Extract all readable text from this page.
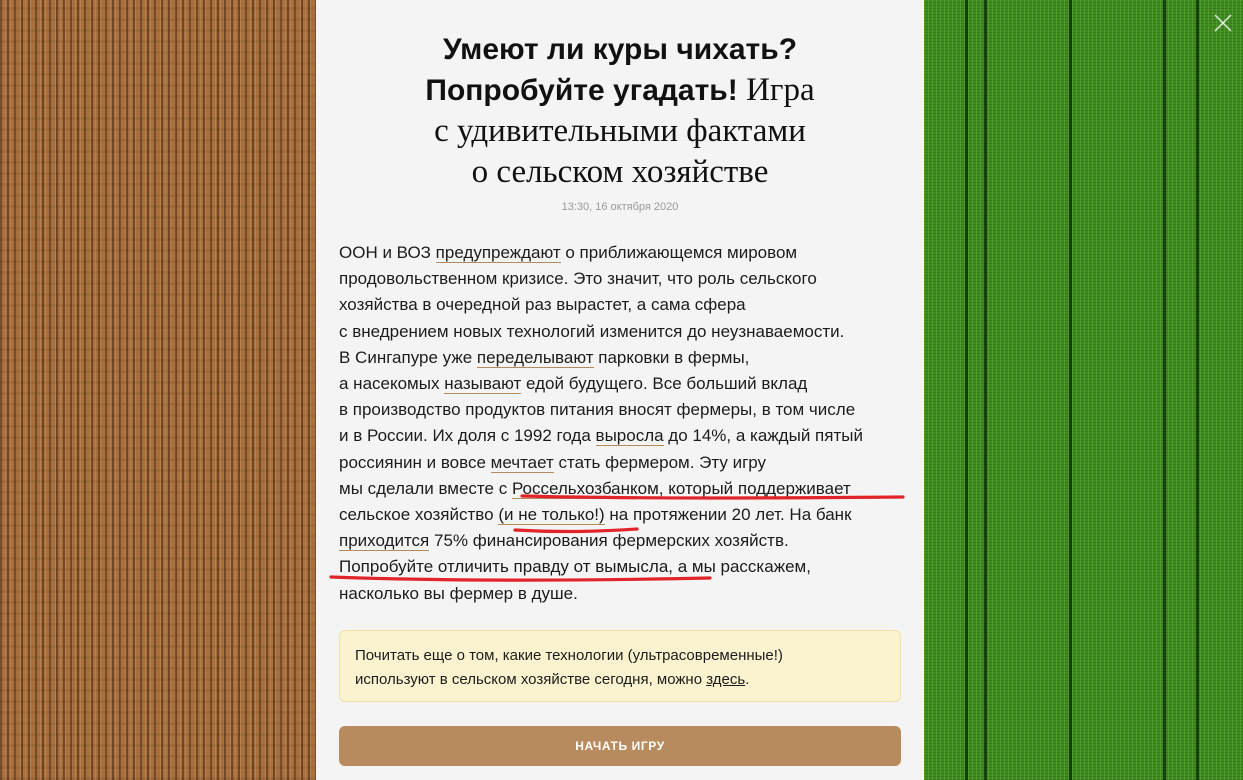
Умеют ли куры чихать?
Попробуйте угадать! Игра
с удивительными фактами
о сельском хозяйстве
13:30, 16 октября 2020
ООН и ВОЗ предупреждают о приближающемся мировом
продовольственном кризисе. Это значит, что роль сельского
хозяйства в очередной раз вырастет, а сама сфера
с внедрением новых технологий изменится до неузнаваемости.
В Сингапуре уже переделывают парковки в фермы,
а насекомых называют едой будущего. Все больший вклад
в производство продуктов питания вносят фермеры, в том числе
и в России. Их доля с 1992 года выросла до 14%, а каждый пятый
россиянин и вовсе мечтает стать фермером. Эту игру
мы сделали вместе с Россельхозбанком, который поддерживает
сельское хозяйство (и не только!) на протяжении 20 лет. На банк
приходится 75% финансирования фермерских хозяйств.
Попробуйте отличить правду от вымысла, а мы расскажем,
насколько вы фермер в душе.
Почитать еще о том, какие технологии (ультрасовременные!)
используют в сельском хозяйстве сегодня, можно здесь.
НАЧАТЬ ИГРУ
